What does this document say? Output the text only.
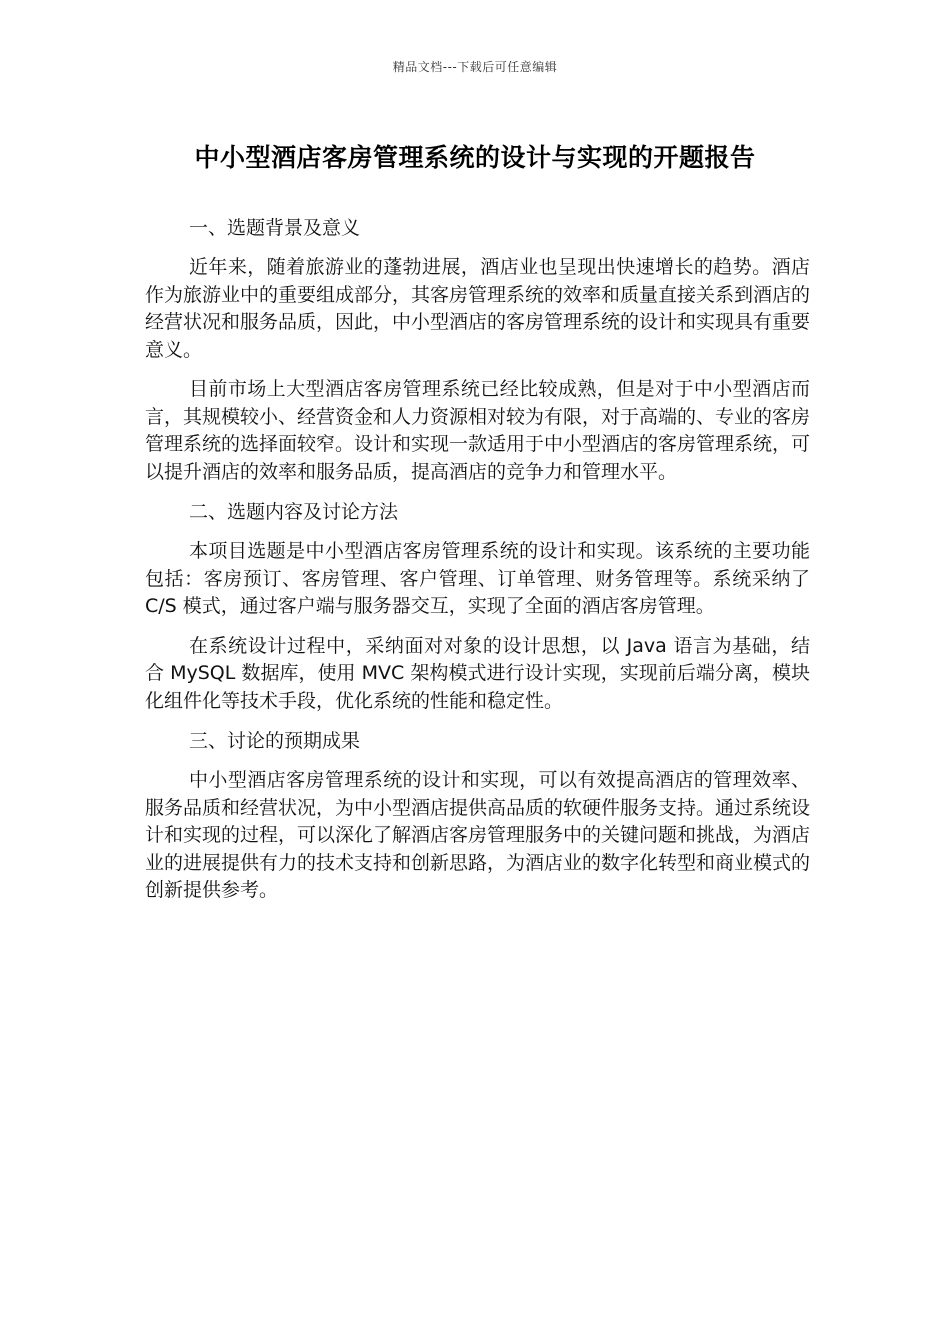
精品文档---下载后可任意编辑
中小型酒店客房管理系统的设计与实现的开题报告

一、选题背景及意义

近年来，随着旅游业的蓬勃进展，酒店业也呈现出快速增长的趋势。酒店作为旅游业中的重要组成部分，其客房管理系统的效率和质量直接关系到酒店的经营状况和服务品质，因此，中小型酒店的客房管理系统的设计和实现具有重要意义。

目前市场上大型酒店客房管理系统已经比较成熟，但是对于中小型酒店而言，其规模较小、经营资金和人力资源相对较为有限，对于高端的、专业的客房管理系统的选择面较窄。设计和实现一款适用于中小型酒店的客房管理系统，可以提升酒店的效率和服务品质，提高酒店的竞争力和管理水平。

二、选题内容及讨论方法

本项目选题是中小型酒店客房管理系统的设计和实现。该系统的主要功能包括：客房预订、客房管理、客户管理、订单管理、财务管理等。系统采纳了 C/S 模式，通过客户端与服务器交互，实现了全面的酒店客房管理。

在系统设计过程中，采纳面对对象的设计思想，以 Java 语言为基础，结合 MySQL 数据库，使用 MVC 架构模式进行设计实现，实现前后端分离，模块化组件化等技术手段，优化系统的性能和稳定性。

三、讨论的预期成果

中小型酒店客房管理系统的设计和实现，可以有效提高酒店的管理效率、服务品质和经营状况，为中小型酒店提供高品质的软硬件服务支持。通过系统设计和实现的过程，可以深化了解酒店客房管理服务中的关键问题和挑战，为酒店业的进展提供有力的技术支持和创新思路，为酒店业的数字化转型和商业模式的创新提供参考。
